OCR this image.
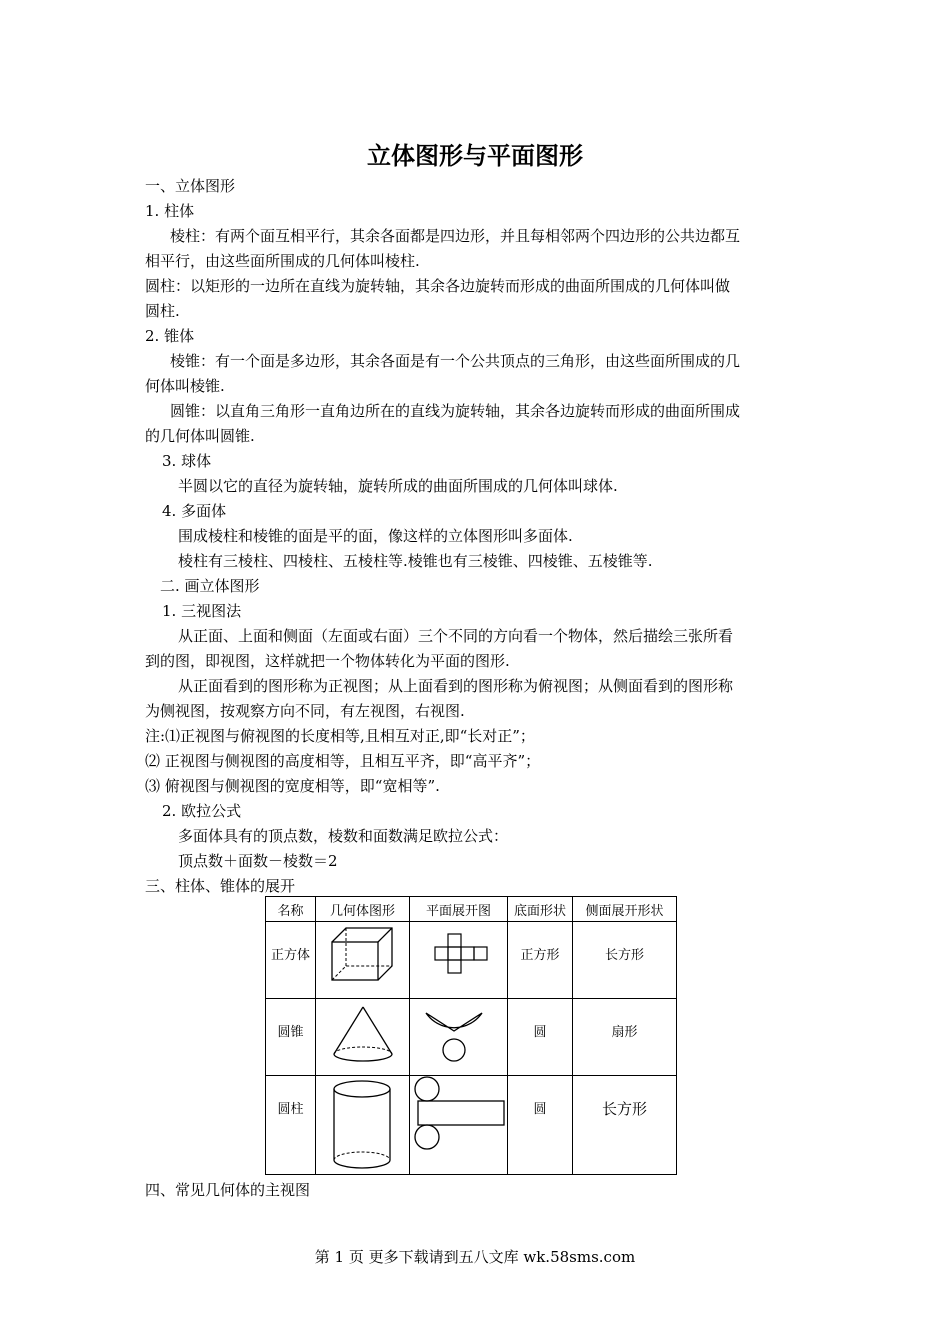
立体图形与平面图形
一、立体图形
1. 柱体
棱柱：有两个面互相平行，其余各面都是四边形，并且每相邻两个四边形的公共边都互
相平行，由这些面所围成的几何体叫棱柱.
圆柱：以矩形的一边所在直线为旋转轴，其余各边旋转而形成的曲面所围成的几何体叫做
圆柱.
2. 锥体
棱锥：有一个面是多边形，其余各面是有一个公共顶点的三角形，由这些面所围成的几
何体叫棱锥.
圆锥：以直角三角形一直角边所在的直线为旋转轴，其余各边旋转而形成的曲面所围成
的几何体叫圆锥.
3. 球体
半圆以它的直径为旋转轴，旋转所成的曲面所围成的几何体叫球体.
4. 多面体
围成棱柱和棱锥的面是平的面，像这样的立体图形叫多面体.
棱柱有三棱柱、四棱柱、五棱柱等.棱锥也有三棱锥、四棱锥、五棱锥等.
二. 画立体图形
1. 三视图法
从正面、上面和侧面（左面或右面）三个不同的方向看一个物体，然后描绘三张所看
到的图，即视图，这样就把一个物体转化为平面的图形.
从正面看到的图形称为正视图；从上面看到的图形称为俯视图；从侧面看到的图形称
为侧视图，按观察方向不同，有左视图，右视图.
注:⑴正视图与俯视图的长度相等,且相互对正,即“长对正”；
⑵ 正视图与侧视图的高度相等，且相互平齐，即“高平齐”；
⑶ 俯视图与侧视图的宽度相等，即“宽相等”.
2. 欧拉公式
多面体具有的顶点数，棱数和面数满足欧拉公式：
顶点数＋面数－棱数＝2
三、柱体、锥体的展开
名称	几何体图形	平面展开图	底面形状	侧面展开形状

正方体			正方形	长方形

圆锥			圆	扇形

圆柱			圆	长方形
四、常见几何体的主视图
第 1 页 更多下载请到五八文库 wk.58sms.com
